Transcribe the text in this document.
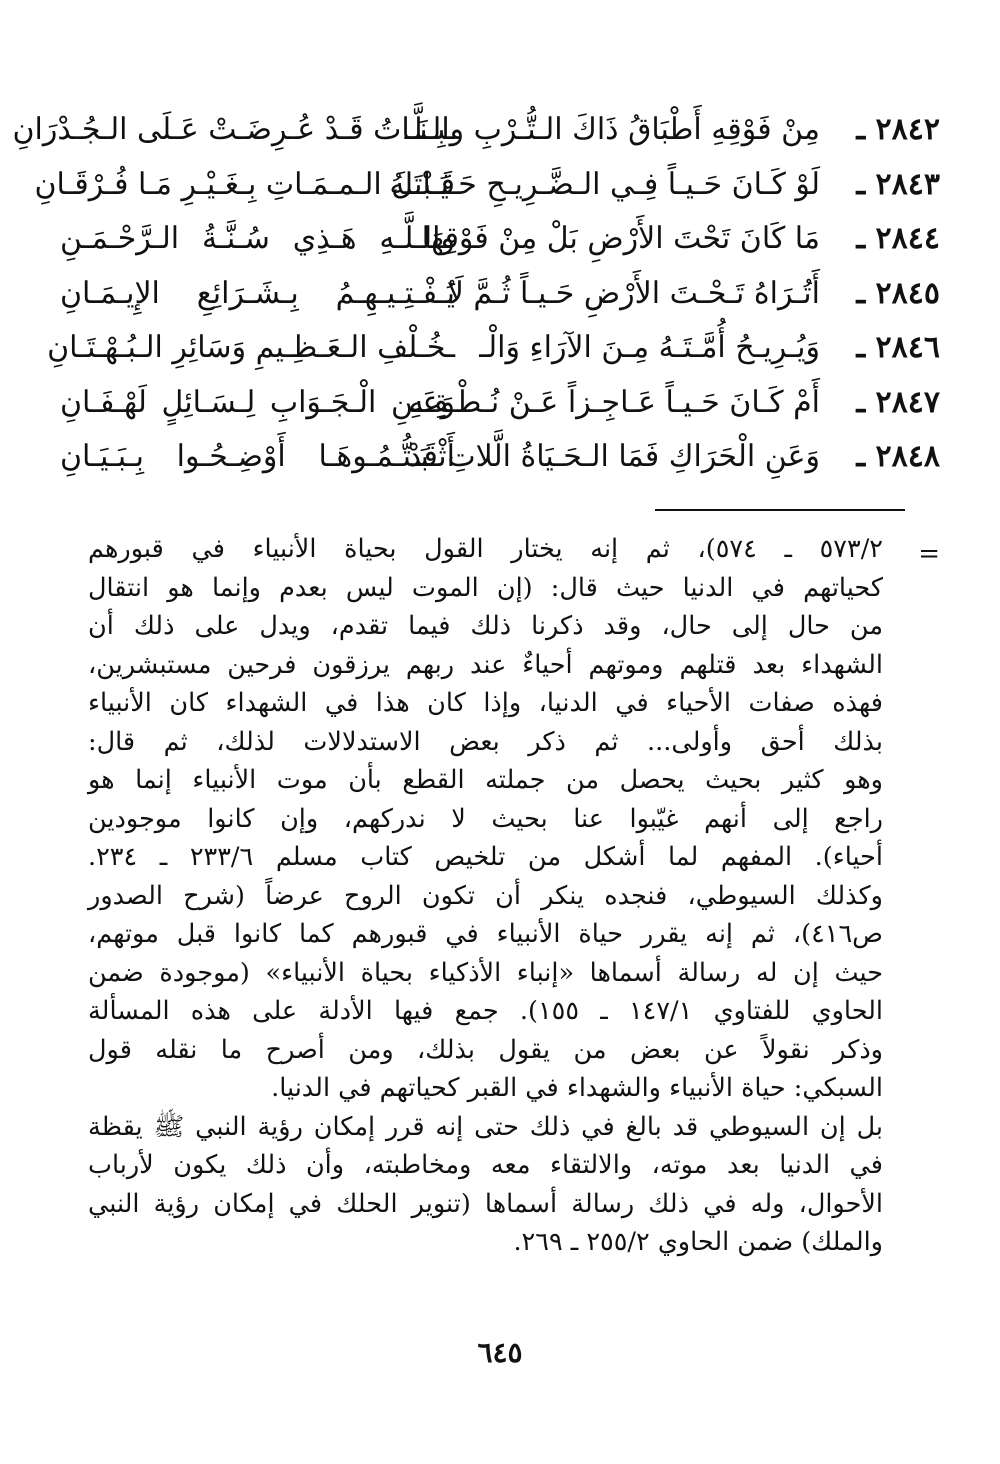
٢٨٤٢ ـ
مِنْ فَوْقِهِ أَطْبَاقُ ذَاكَ الـتُّـرْبِ والـلَّـ
ـبِـنَـاتُ قَـدْ عُـرِضَـتْ عَـلَى الـجُـدْرَانِ
٢٨٤٣ ـ
لَوْ كَـانَ حَـيـاً فِـي الـضَّـرِيـحِ حَـيَـاتَـهُ
قَـبْـلَ الـمـمَـاتِ بِـغَـيْـرِ مَـا فُـرْقَـانِ
٢٨٤٤ ـ
مَا كَانَ تَحْتَ الأَرْضِ بَلْ مِنْ فَوْقِهَا
والـلَّـهِ هَـذِي سُـنَّـةُ الـرَّحْـمَـنِ
٢٨٤٥ ـ
أَتُـرَاهُ تَـحْـتَ الأَرْضِ حَـيـاً ثُـمَّ لَا
يُـفْـتِـيـهِـمُ بِـشَـرَائِعِ الإِيـمَـانِ
٢٨٤٦ ـ
وَيُـرِيـحُ أُمَّـتَـهُ مِـنَ الآرَاءِ وَالْـ
ـخُـلْفِ الـعَـظِـيمِ وَسَائِرِ الـبُـهْـتَـانِ
٢٨٤٧ ـ
أَمْ كَـانَ حَـيـاً عَـاجِـزاً عَـنْ نُـطْـقِـهِ
وَعَـنِ الْـجَـوَابِ لِـسَـائِلٍ لَهْـفَـانِ
٢٨٤٨ ـ
وَعَنِ الْحَرَاكِ فَمَا الـحَـيَاةُ الَّلاتِ قَدْ
أَثْـبَـتُّـمُـوهَـا أَوْضِـحُـوا بِـبَـيَـانِ
=
٥٧٣/٢ ـ ٥٧٤)، ثم إنه يختار القول بحياة الأنبياء في قبورهم
كحياتهم في الدنيا حيث قال: (إن الموت ليس بعدم وإنما هو انتقال
من حال إلى حال، وقد ذكرنا ذلك فيما تقدم، ويدل على ذلك أن
الشهداء بعد قتلهم وموتهم أحياءٌ عند ربهم يرزقون فرحين مستبشرين،
فهذه صفات الأحياء في الدنيا، وإذا كان هذا في الشهداء كان الأنبياء
بذلك أحق وأولى... ثم ذكر بعض الاستدلالات لذلك، ثم قال:
وهو كثير بحيث يحصل من جملته القطع بأن موت الأنبياء إنما هو
راجع إلى أنهم غيّبوا عنا بحيث لا ندركهم، وإن كانوا موجودين
أحياء). المفهم لما أشكل من تلخيص كتاب مسلم ٢٣٣/٦ ـ ٢٣٤.
وكذلك السيوطي، فنجده ينكر أن تكون الروح عرضاً (شرح الصدور
ص٤١٦)، ثم إنه يقرر حياة الأنبياء في قبورهم كما كانوا قبل موتهم،
حيث إن له رسالة أسماها «إنباء الأذكياء بحياة الأنبياء» (موجودة ضمن
الحاوي للفتاوي ١٤٧/١ ـ ١٥٥). جمع فيها الأدلة على هذه المسألة
وذكر نقولاً عن بعض من يقول بذلك، ومن أصرح ما نقله قول
السبكي: حياة الأنبياء والشهداء في القبر كحياتهم في الدنيا.
بل إن السيوطي قد بالغ في ذلك حتى إنه قرر إمكان رؤية النبي ﷺ يقظة
في الدنيا بعد موته، والالتقاء معه ومخاطبته، وأن ذلك يكون لأرباب
الأحوال، وله في ذلك رسالة أسماها (تنوير الحلك في إمكان رؤية النبي
والملك) ضمن الحاوي ٢٥٥/٢ ـ ٢٦٩.
٦٤٥
